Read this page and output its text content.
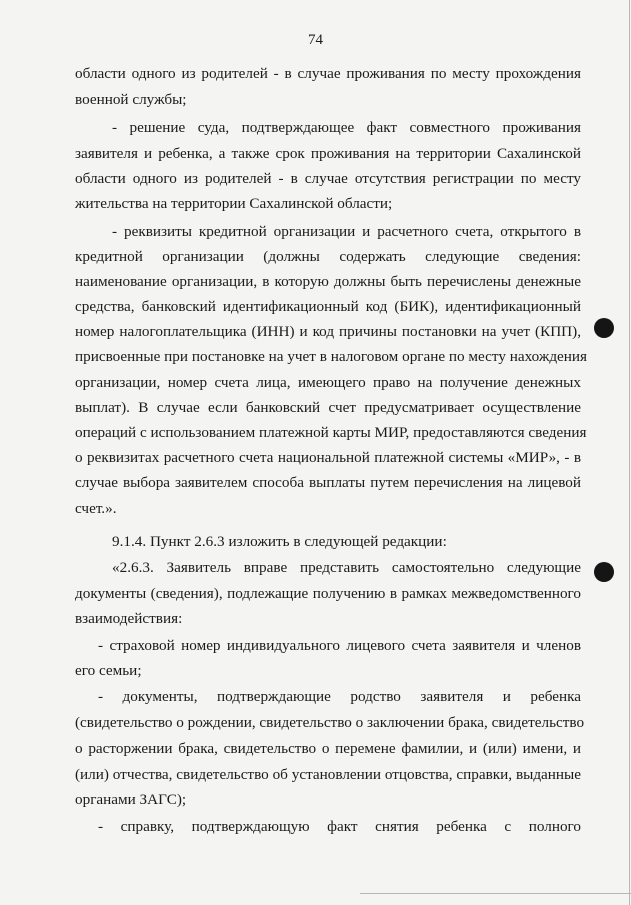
74
области одного из родителей - в случае проживания по месту прохождения
военной службы;
- решение суда, подтверждающее факт совместного проживания
заявителя и ребенка, а также срок проживания на территории Сахалинской
области одного из родителей - в случае отсутствия регистрации по месту
жительства на территории Сахалинской области;
- реквизиты кредитной организации и расчетного счета, открытого в
кредитной организации (должны содержать следующие сведения:
наименование организации, в которую должны быть перечислены денежные
средства, банковский идентификационный код (БИК), идентификационный
номер налогоплательщика (ИНН) и код причины постановки на учет (КПП),
присвоенные при постановке на учет в налоговом органе по месту нахождения
организации, номер счета лица, имеющего право на получение денежных
выплат). В случае если банковский счет предусматривает осуществление
операций с использованием платежной карты МИР, предоставляются сведения
о реквизитах расчетного счета национальной платежной системы «МИР», - в
случае выбора заявителем способа выплаты путем перечисления на лицевой
счет.».
9.1.4. Пункт 2.6.3 изложить в следующей редакции:
«2.6.3. Заявитель вправе представить самостоятельно следующие
документы (сведения), подлежащие получению в рамках межведомственного
взаимодействия:
- страховой номер индивидуального лицевого счета заявителя и членов
его семьи;
- документы, подтверждающие родство заявителя и ребенка
(свидетельство о рождении, свидетельство о заключении брака, свидетельство
о расторжении брака, свидетельство о перемене фамилии, и (или) имени, и
(или) отчества, свидетельство об установлении отцовства, справки, выданные
органами ЗАГС);
- справку, подтверждающую факт снятия ребенка с полного
